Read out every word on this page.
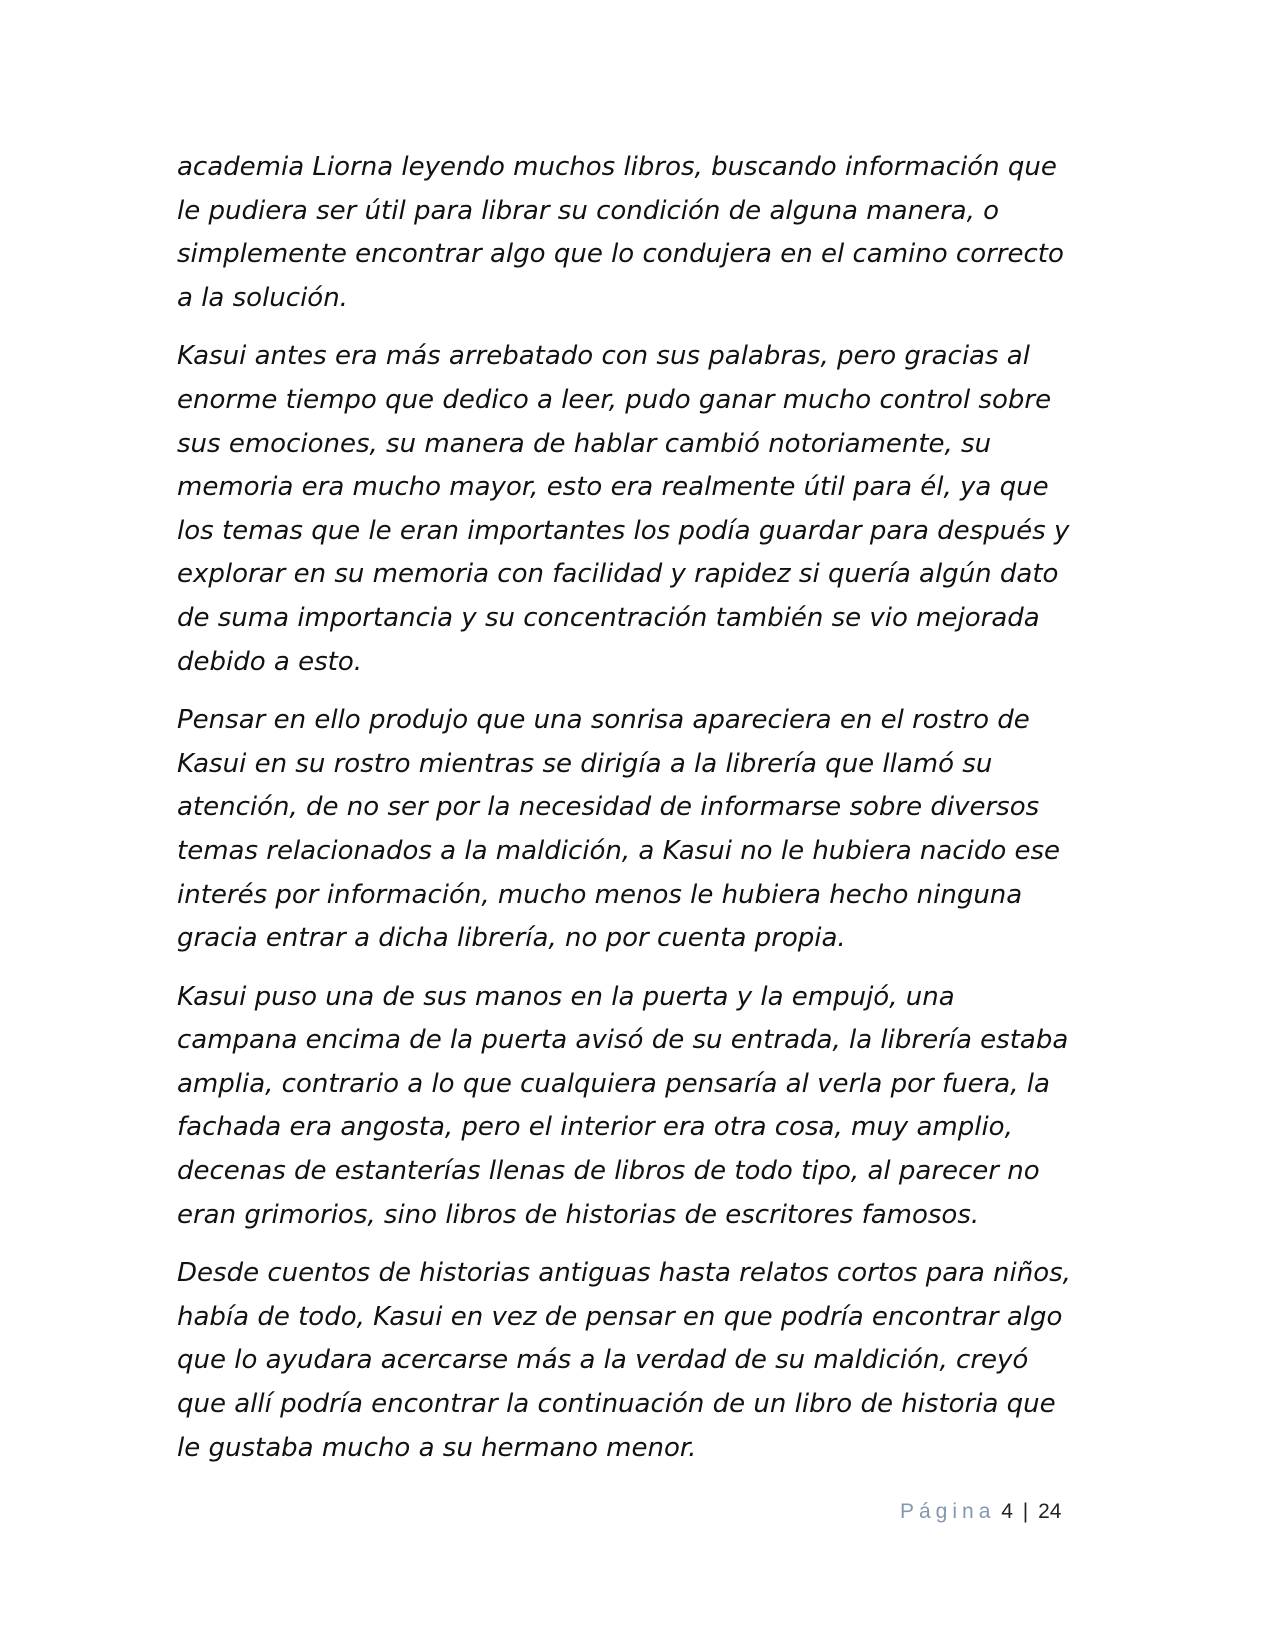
academia Liorna leyendo muchos libros, buscando información que
le pudiera ser útil para librar su condición de alguna manera, o
simplemente encontrar algo que lo condujera en el camino correcto
a la solución.
Kasui antes era más arrebatado con sus palabras, pero gracias al
enorme tiempo que dedico a leer, pudo ganar mucho control sobre
sus emociones, su manera de hablar cambió notoriamente, su
memoria era mucho mayor, esto era realmente útil para él, ya que
los temas que le eran importantes los podía guardar para después y
explorar en su memoria con facilidad y rapidez si quería algún dato
de suma importancia y su concentración también se vio mejorada
debido a esto.
Pensar en ello produjo que una sonrisa apareciera en el rostro de
Kasui en su rostro mientras se dirigía a la librería que llamó su
atención, de no ser por la necesidad de informarse sobre diversos
temas relacionados a la maldición, a Kasui no le hubiera nacido ese
interés por información, mucho menos le hubiera hecho ninguna
gracia entrar a dicha librería, no por cuenta propia.
Kasui puso una de sus manos en la puerta y la empujó, una
campana encima de la puerta avisó de su entrada, la librería estaba
amplia, contrario a lo que cualquiera pensaría al verla por fuera, la
fachada era angosta, pero el interior era otra cosa, muy amplio,
decenas de estanterías llenas de libros de todo tipo, al parecer no
eran grimorios, sino libros de historias de escritores famosos.
Desde cuentos de historias antiguas hasta relatos cortos para niños,
había de todo, Kasui en vez de pensar en que podría encontrar algo
que lo ayudara acercarse más a la verdad de su maldición, creyó
que allí podría encontrar la continuación de un libro de historia que
le gustaba mucho a su hermano menor.
Página 4 | 24
